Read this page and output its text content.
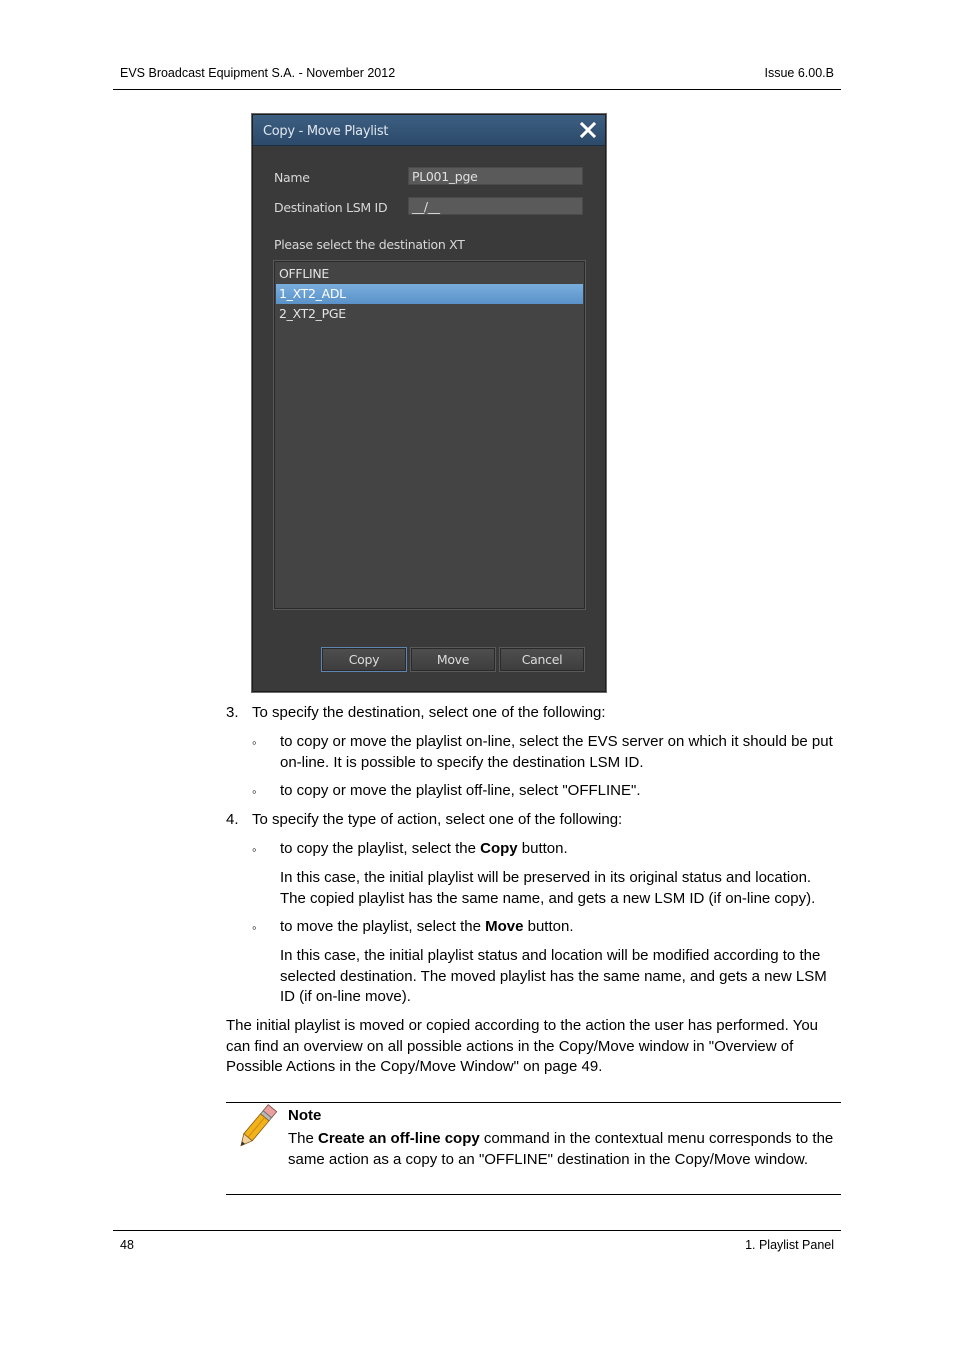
EVS Broadcast Equipment S.A. - November 2012	Issue 6.00.B
Copy - Move Playlist
Name	PL001_pge
Destination LSM ID	__/__
Please select the destination XT
OFFLINE
1_XT2_ADL
2_XT2_PGE
Copy	Move	Cancel
3. To specify the destination, select one of the following:
◦ to copy or move the playlist on-line, select the EVS server on which it should be put on-line. It is possible to specify the destination LSM ID.
◦ to copy or move the playlist off-line, select "OFFLINE".
4. To specify the type of action, select one of the following:
◦ to copy the playlist, select the Copy button.
In this case, the initial playlist will be preserved in its original status and location. The copied playlist has the same name, and gets a new LSM ID (if on-line copy).
◦ to move the playlist, select the Move button.
In this case, the initial playlist status and location will be modified according to the selected destination. The moved playlist has the same name, and gets a new LSM ID (if on-line move).
The initial playlist is moved or copied according to the action the user has performed. You can find an overview on all possible actions in the Copy/Move window in "Overview of Possible Actions in the Copy/Move Window" on page 49.
Note
The Create an off-line copy command in the contextual menu corresponds to the same action as a copy to an "OFFLINE" destination in the Copy/Move window.
48	1. Playlist Panel
